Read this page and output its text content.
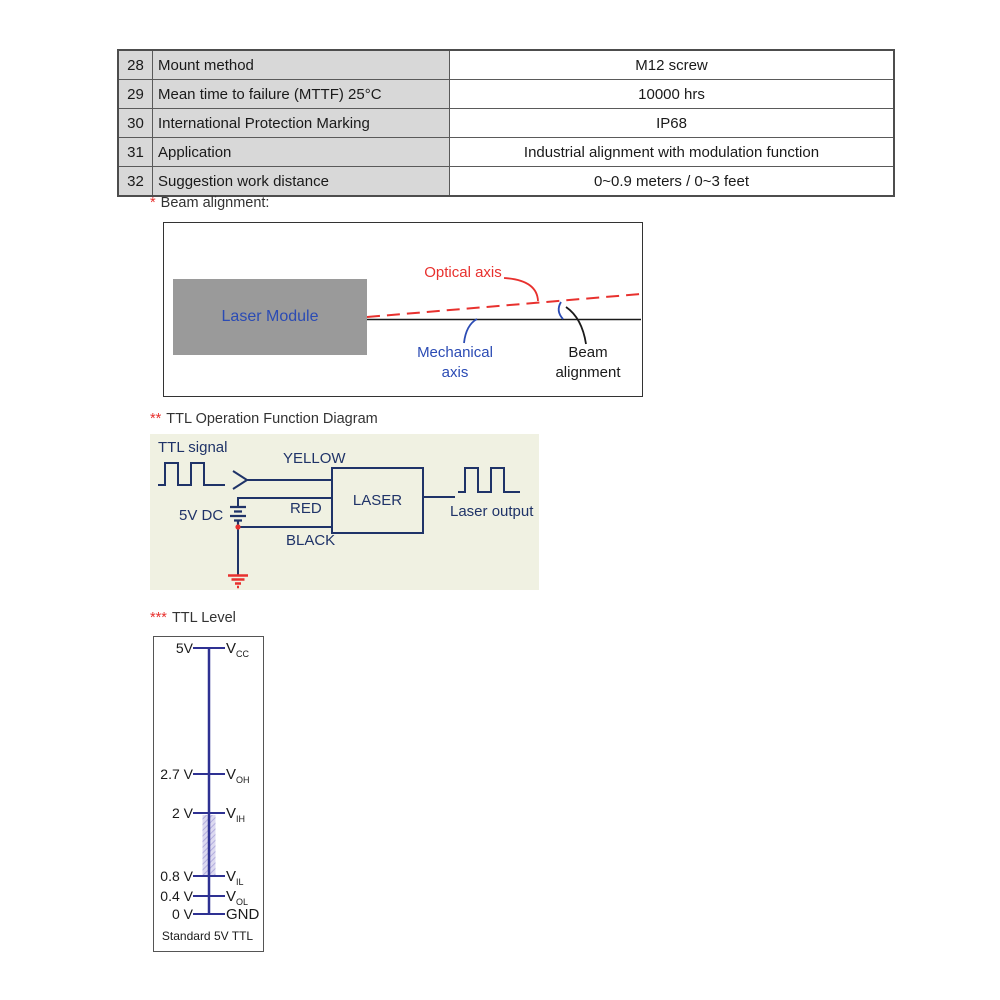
28	Mount method	M12 screw
29	Mean time to failure (MTTF) 25°C	10000 hrs
30	International Protection Marking	IP68
31	Application	Industrial alignment with modulation function
32	Suggestion work distance	0~0.9 meters / 0~3 feet
* Beam alignment:
Laser Module
Optical axis
Mechanical
axis
Beam
alignment
** TTL Operation Function Diagram
TTL signal
YELLOW
5V DC	RED
BLACK
LASER
Laser output
*** TTL Level
5V $V_{CC}$
2.7 V $V_{OH}$
2 V $V_{IH}$
0.8 V $V_{IL}$
0.4 V $V_{OL}$
0 V GND
Standard 5V TTL
